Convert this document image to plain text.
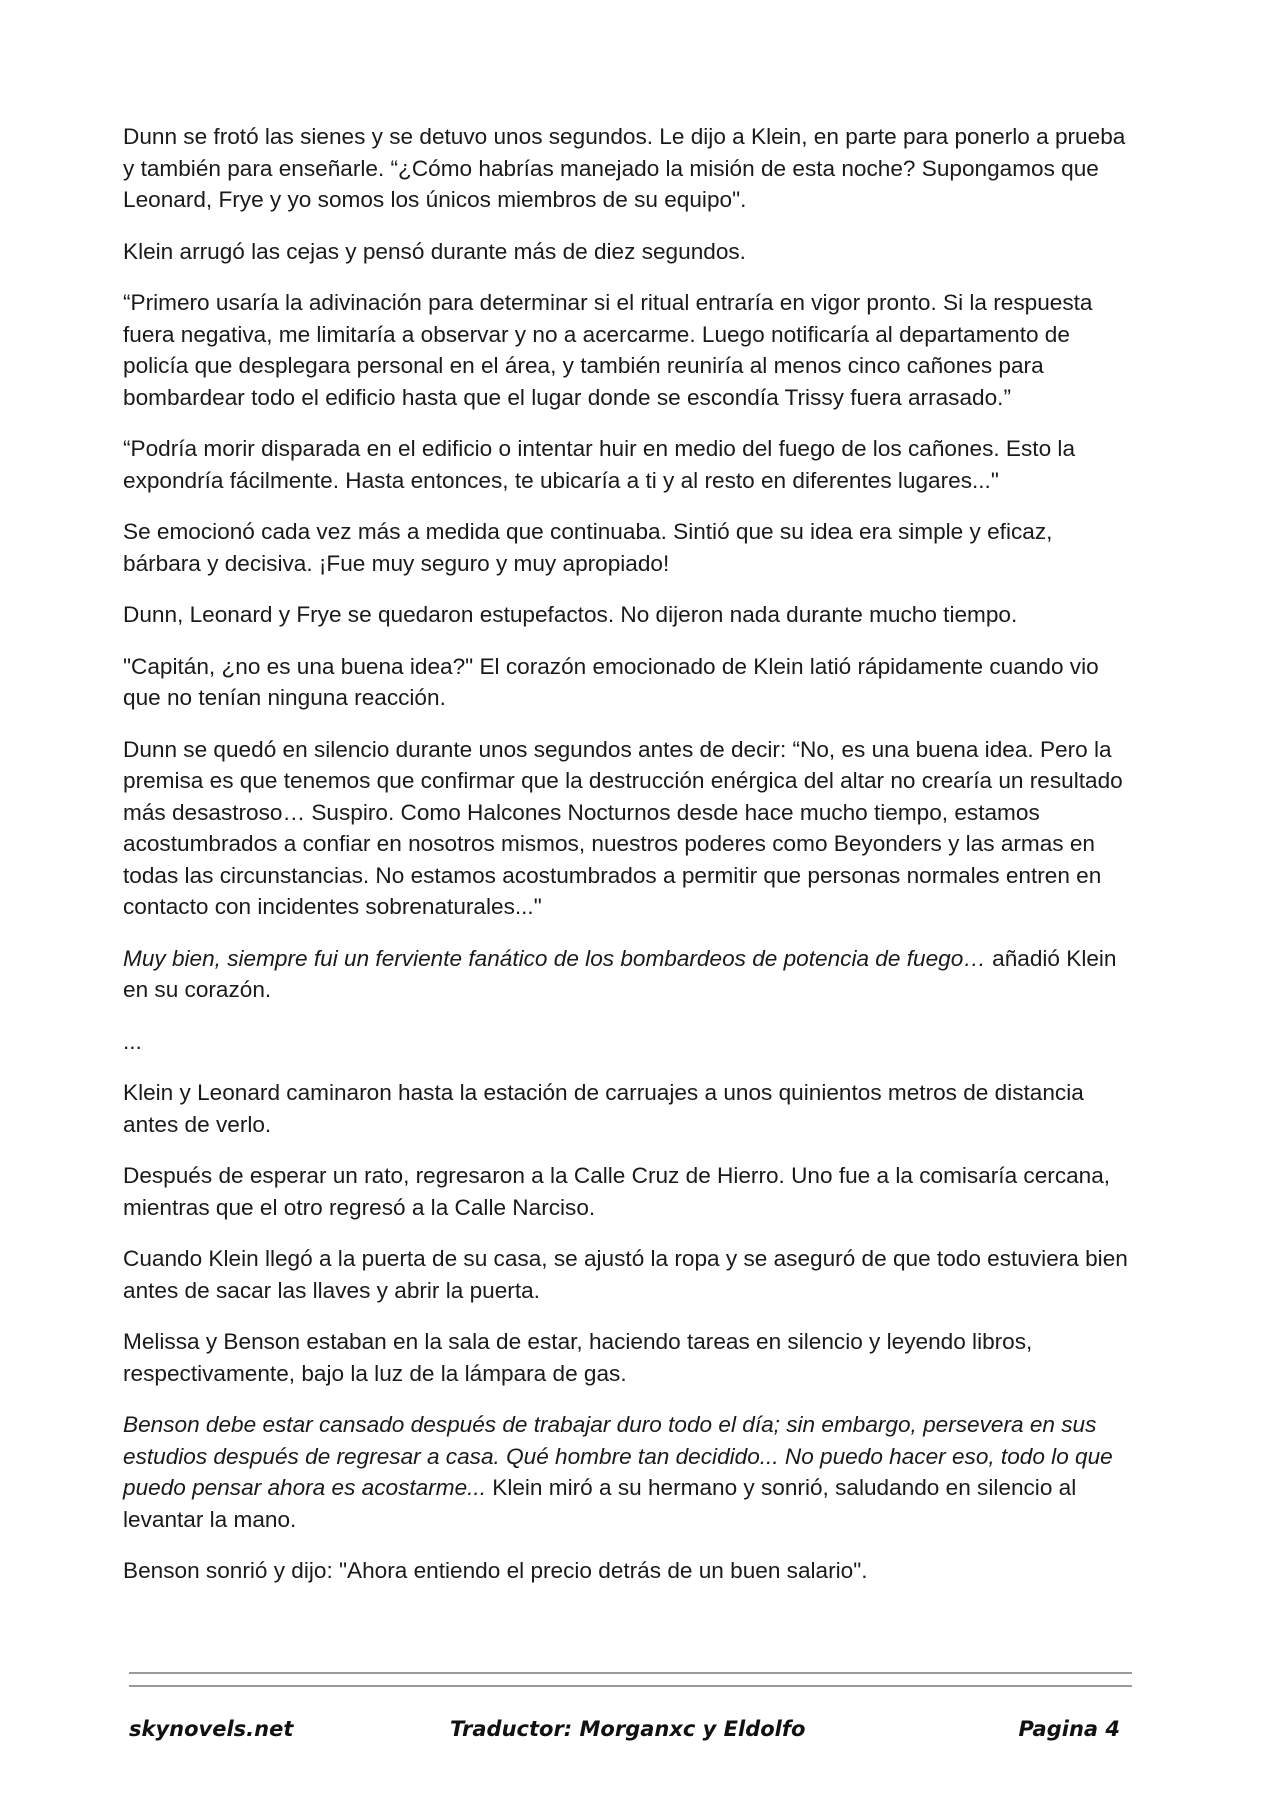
Dunn se frotó las sienes y se detuvo unos segundos. Le dijo a Klein, en parte para ponerlo a prueba y también para enseñarle. “¿Cómo habrías manejado la misión de esta noche? Supongamos que Leonard, Frye y yo somos los únicos miembros de su equipo".

Klein arrugó las cejas y pensó durante más de diez segundos.

“Primero usaría la adivinación para determinar si el ritual entraría en vigor pronto. Si la respuesta fuera negativa, me limitaría a observar y no a acercarme. Luego notificaría al departamento de policía que desplegara personal en el área, y también reuniría al menos cinco cañones para bombardear todo el edificio hasta que el lugar donde se escondía Trissy fuera arrasado.”

“Podría morir disparada en el edificio o intentar huir en medio del fuego de los cañones. Esto la expondría fácilmente. Hasta entonces, te ubicaría a ti y al resto en diferentes lugares..."

Se emocionó cada vez más a medida que continuaba. Sintió que su idea era simple y eficaz, bárbara y decisiva. ¡Fue muy seguro y muy apropiado!

Dunn, Leonard y Frye se quedaron estupefactos. No dijeron nada durante mucho tiempo.

"Capitán, ¿no es una buena idea?" El corazón emocionado de Klein latió rápidamente cuando vio que no tenían ninguna reacción.

Dunn se quedó en silencio durante unos segundos antes de decir: “No, es una buena idea. Pero la premisa es que tenemos que confirmar que la destrucción enérgica del altar no crearía un resultado más desastroso… Suspiro. Como Halcones Nocturnos desde hace mucho tiempo, estamos acostumbrados a confiar en nosotros mismos, nuestros poderes como Beyonders y las armas en todas las circunstancias. No estamos acostumbrados a permitir que personas normales entren en contacto con incidentes sobrenaturales..."

Muy bien, siempre fui un ferviente fanático de los bombardeos de potencia de fuego… añadió Klein en su corazón.

...

Klein y Leonard caminaron hasta la estación de carruajes a unos quinientos metros de distancia antes de verlo.

Después de esperar un rato, regresaron a la Calle Cruz de Hierro. Uno fue a la comisaría cercana, mientras que el otro regresó a la Calle Narciso.

Cuando Klein llegó a la puerta de su casa, se ajustó la ropa y se aseguró de que todo estuviera bien antes de sacar las llaves y abrir la puerta.

Melissa y Benson estaban en la sala de estar, haciendo tareas en silencio y leyendo libros, respectivamente, bajo la luz de la lámpara de gas.

Benson debe estar cansado después de trabajar duro todo el día; sin embargo, persevera en sus estudios después de regresar a casa. Qué hombre tan decidido... No puedo hacer eso, todo lo que puedo pensar ahora es acostarme... Klein miró a su hermano y sonrió, saludando en silencio al levantar la mano.

Benson sonrió y dijo: "Ahora entiendo el precio detrás de un buen salario".

skynovels.net	Traductor: Morganxc y Eldolfo	Pagina 4
